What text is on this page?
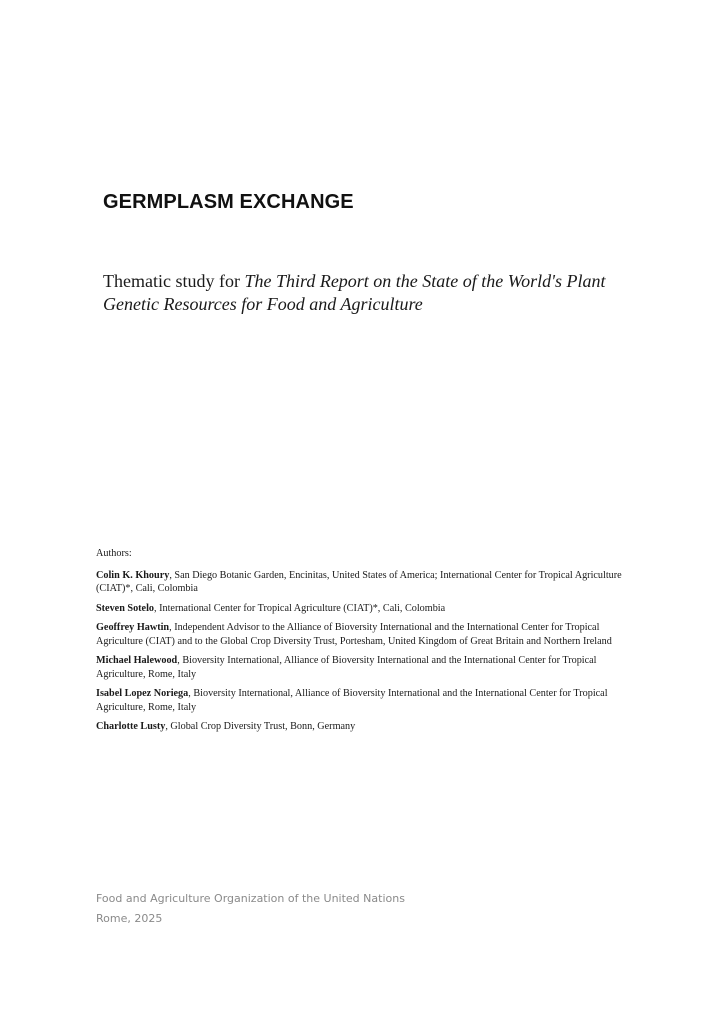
GERMPLASM EXCHANGE
Thematic study for The Third Report on the State of the World's Plant Genetic Resources for Food and Agriculture
Authors:
Colin K. Khoury, San Diego Botanic Garden, Encinitas, United States of America; International Center for Tropical Agriculture (CIAT)*, Cali, Colombia
Steven Sotelo, International Center for Tropical Agriculture (CIAT)*, Cali, Colombia
Geoffrey Hawtin, Independent Advisor to the Alliance of Bioversity International and the International Center for Tropical Agriculture (CIAT) and to the Global Crop Diversity Trust, Portesham, United Kingdom of Great Britain and Northern Ireland
Michael Halewood, Bioversity International, Alliance of Bioversity International and the International Center for Tropical Agriculture, Rome, Italy
Isabel Lopez Noriega, Bioversity International, Alliance of Bioversity International and the International Center for Tropical Agriculture, Rome, Italy
Charlotte Lusty, Global Crop Diversity Trust, Bonn, Germany
Food and Agriculture Organization of the United Nations
Rome, 2025
